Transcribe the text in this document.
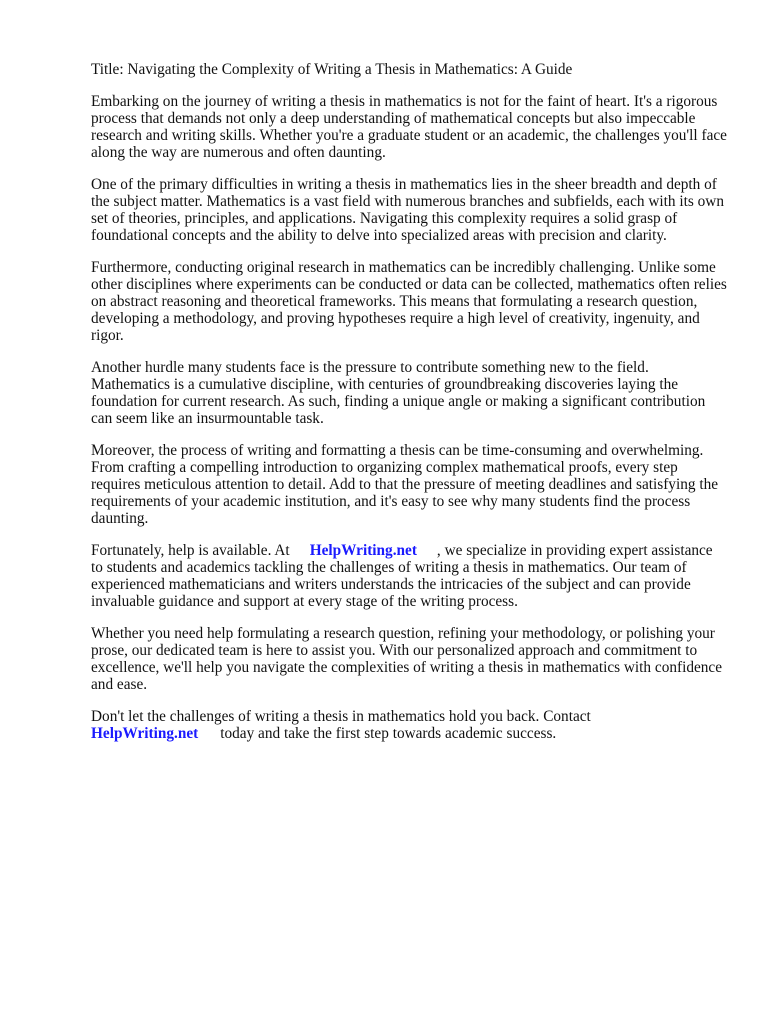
Title: Navigating the Complexity of Writing a Thesis in Mathematics: A Guide

Embarking on the journey of writing a thesis in mathematics is not for the faint of heart. It's a rigorous process that demands not only a deep understanding of mathematical concepts but also impeccable research and writing skills. Whether you're a graduate student or an academic, the challenges you'll face along the way are numerous and often daunting.

One of the primary difficulties in writing a thesis in mathematics lies in the sheer breadth and depth of the subject matter. Mathematics is a vast field with numerous branches and subfields, each with its own set of theories, principles, and applications. Navigating this complexity requires a solid grasp of foundational concepts and the ability to delve into specialized areas with precision and clarity.

Furthermore, conducting original research in mathematics can be incredibly challenging. Unlike some other disciplines where experiments can be conducted or data can be collected, mathematics often relies on abstract reasoning and theoretical frameworks. This means that formulating a research question, developing a methodology, and proving hypotheses require a high level of creativity, ingenuity, and rigor.

Another hurdle many students face is the pressure to contribute something new to the field. Mathematics is a cumulative discipline, with centuries of groundbreaking discoveries laying the foundation for current research. As such, finding a unique angle or making a significant contribution can seem like an insurmountable task.

Moreover, the process of writing and formatting a thesis can be time-consuming and overwhelming. From crafting a compelling introduction to organizing complex mathematical proofs, every step requires meticulous attention to detail. Add to that the pressure of meeting deadlines and satisfying the requirements of your academic institution, and it's easy to see why many students find the process daunting.

Fortunately, help is available. At HelpWriting.net , we specialize in providing expert assistance to students and academics tackling the challenges of writing a thesis in mathematics. Our team of experienced mathematicians and writers understands the intricacies of the subject and can provide invaluable guidance and support at every stage of the writing process.

Whether you need help formulating a research question, refining your methodology, or polishing your prose, our dedicated team is here to assist you. With our personalized approach and commitment to excellence, we'll help you navigate the complexities of writing a thesis in mathematics with confidence and ease.

Don't let the challenges of writing a thesis in mathematics hold you back. Contact
HelpWriting.net today and take the first step towards academic success.
